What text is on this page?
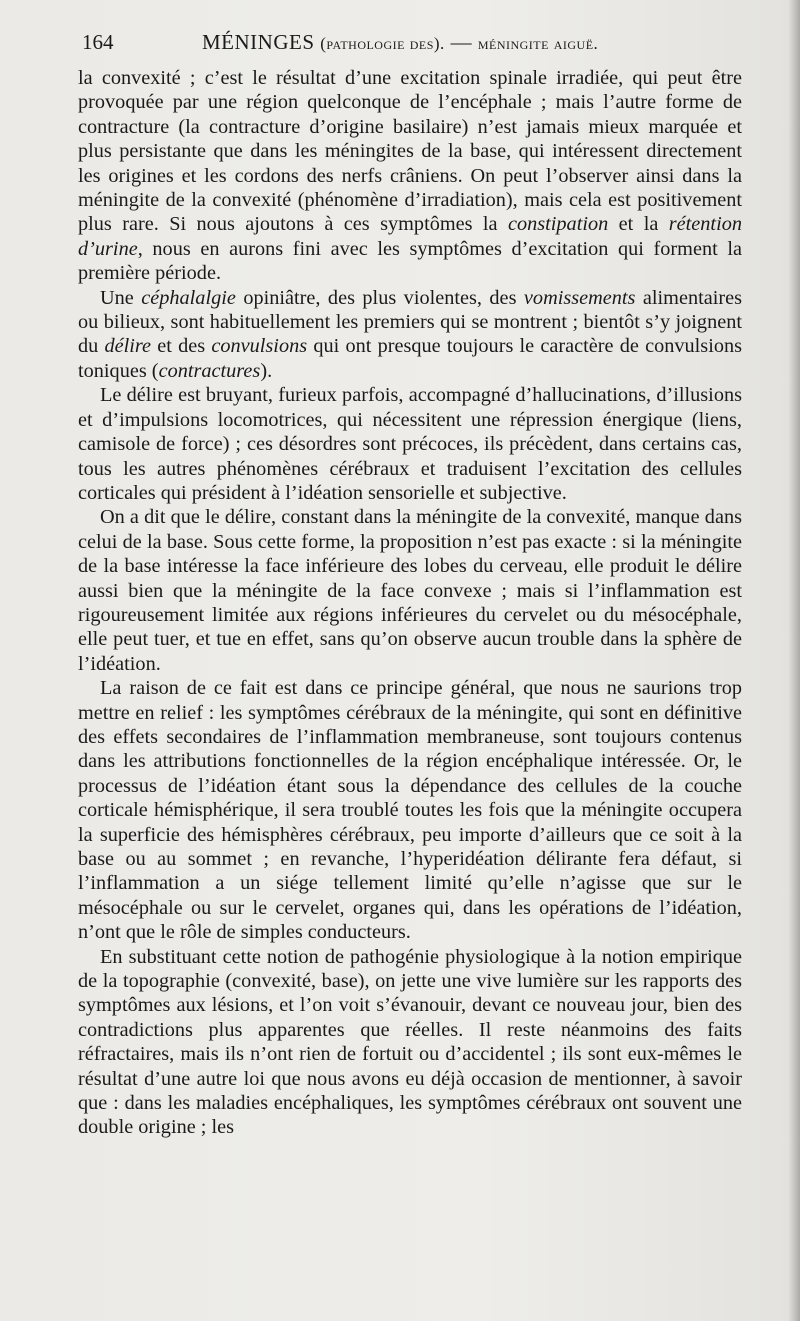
164	MÉNINGES (pathologie des). — méningite aiguë.

la convexité ; c’est le résultat d’une excitation spinale irradiée, qui peut être provoquée par une région quelconque de l’encéphale ; mais l’autre forme de contracture (la contracture d’origine basilaire) n’est jamais mieux marquée et plus persistante que dans les méningites de la base, qui intéressent directement les origines et les cordons des nerfs crâniens. On peut l’observer ainsi dans la méningite de la convexité (phénomène d’irradiation), mais cela est positivement plus rare. Si nous ajoutons à ces symptômes la constipation et la rétention d’urine, nous en aurons fini avec les symptômes d’excitation qui forment la première période.

Une céphalalgie opiniâtre, des plus violentes, des vomissements alimentaires ou bilieux, sont habituellement les premiers qui se montrent ; bientôt s’y joignent du délire et des convulsions qui ont presque toujours le caractère de convulsions toniques (contractures).

Le délire est bruyant, furieux parfois, accompagné d’hallucinations, d’illusions et d’impulsions locomotrices, qui nécessitent une répression énergique (liens, camisole de force) ; ces désordres sont précoces, ils précèdent, dans certains cas, tous les autres phénomènes cérébraux et traduisent l’excitation des cellules corticales qui président à l’idéation sensorielle et subjective.

On a dit que le délire, constant dans la méningite de la convexité, manque dans celui de la base. Sous cette forme, la proposition n’est pas exacte : si la méningite de la base intéresse la face inférieure des lobes du cerveau, elle produit le délire aussi bien que la méningite de la face convexe ; mais si l’inflammation est rigoureusement limitée aux régions inférieures du cervelet ou du mésocéphale, elle peut tuer, et tue en effet, sans qu’on observe aucun trouble dans la sphère de l’idéation.

La raison de ce fait est dans ce principe général, que nous ne saurions trop mettre en relief : les symptômes cérébraux de la méningite, qui sont en définitive des effets secondaires de l’inflammation membraneuse, sont toujours contenus dans les attributions fonctionnelles de la région encéphalique intéressée. Or, le processus de l’idéation étant sous la dépendance des cellules de la couche corticale hémisphérique, il sera troublé toutes les fois que la méningite occupera la superficie des hémisphères cérébraux, peu importe d’ailleurs que ce soit à la base ou au sommet ; en revanche, l’hyperidéation délirante fera défaut, si l’inflammation a un siége tellement limité qu’elle n’agisse que sur le mésocéphale ou sur le cervelet, organes qui, dans les opérations de l’idéation, n’ont que le rôle de simples conducteurs.

En substituant cette notion de pathogénie physiologique à la notion empirique de la topographie (convexité, base), on jette une vive lumière sur les rapports des symptômes aux lésions, et l’on voit s’évanouir, devant ce nouveau jour, bien des contradictions plus apparentes que réelles. Il reste néanmoins des faits réfractaires, mais ils n’ont rien de fortuit ou d’accidentel ; ils sont eux-mêmes le résultat d’une autre loi que nous avons eu déjà occasion de mentionner, à savoir que : dans les maladies encéphaliques, les symptômes cérébraux ont souvent une double origine ; les
